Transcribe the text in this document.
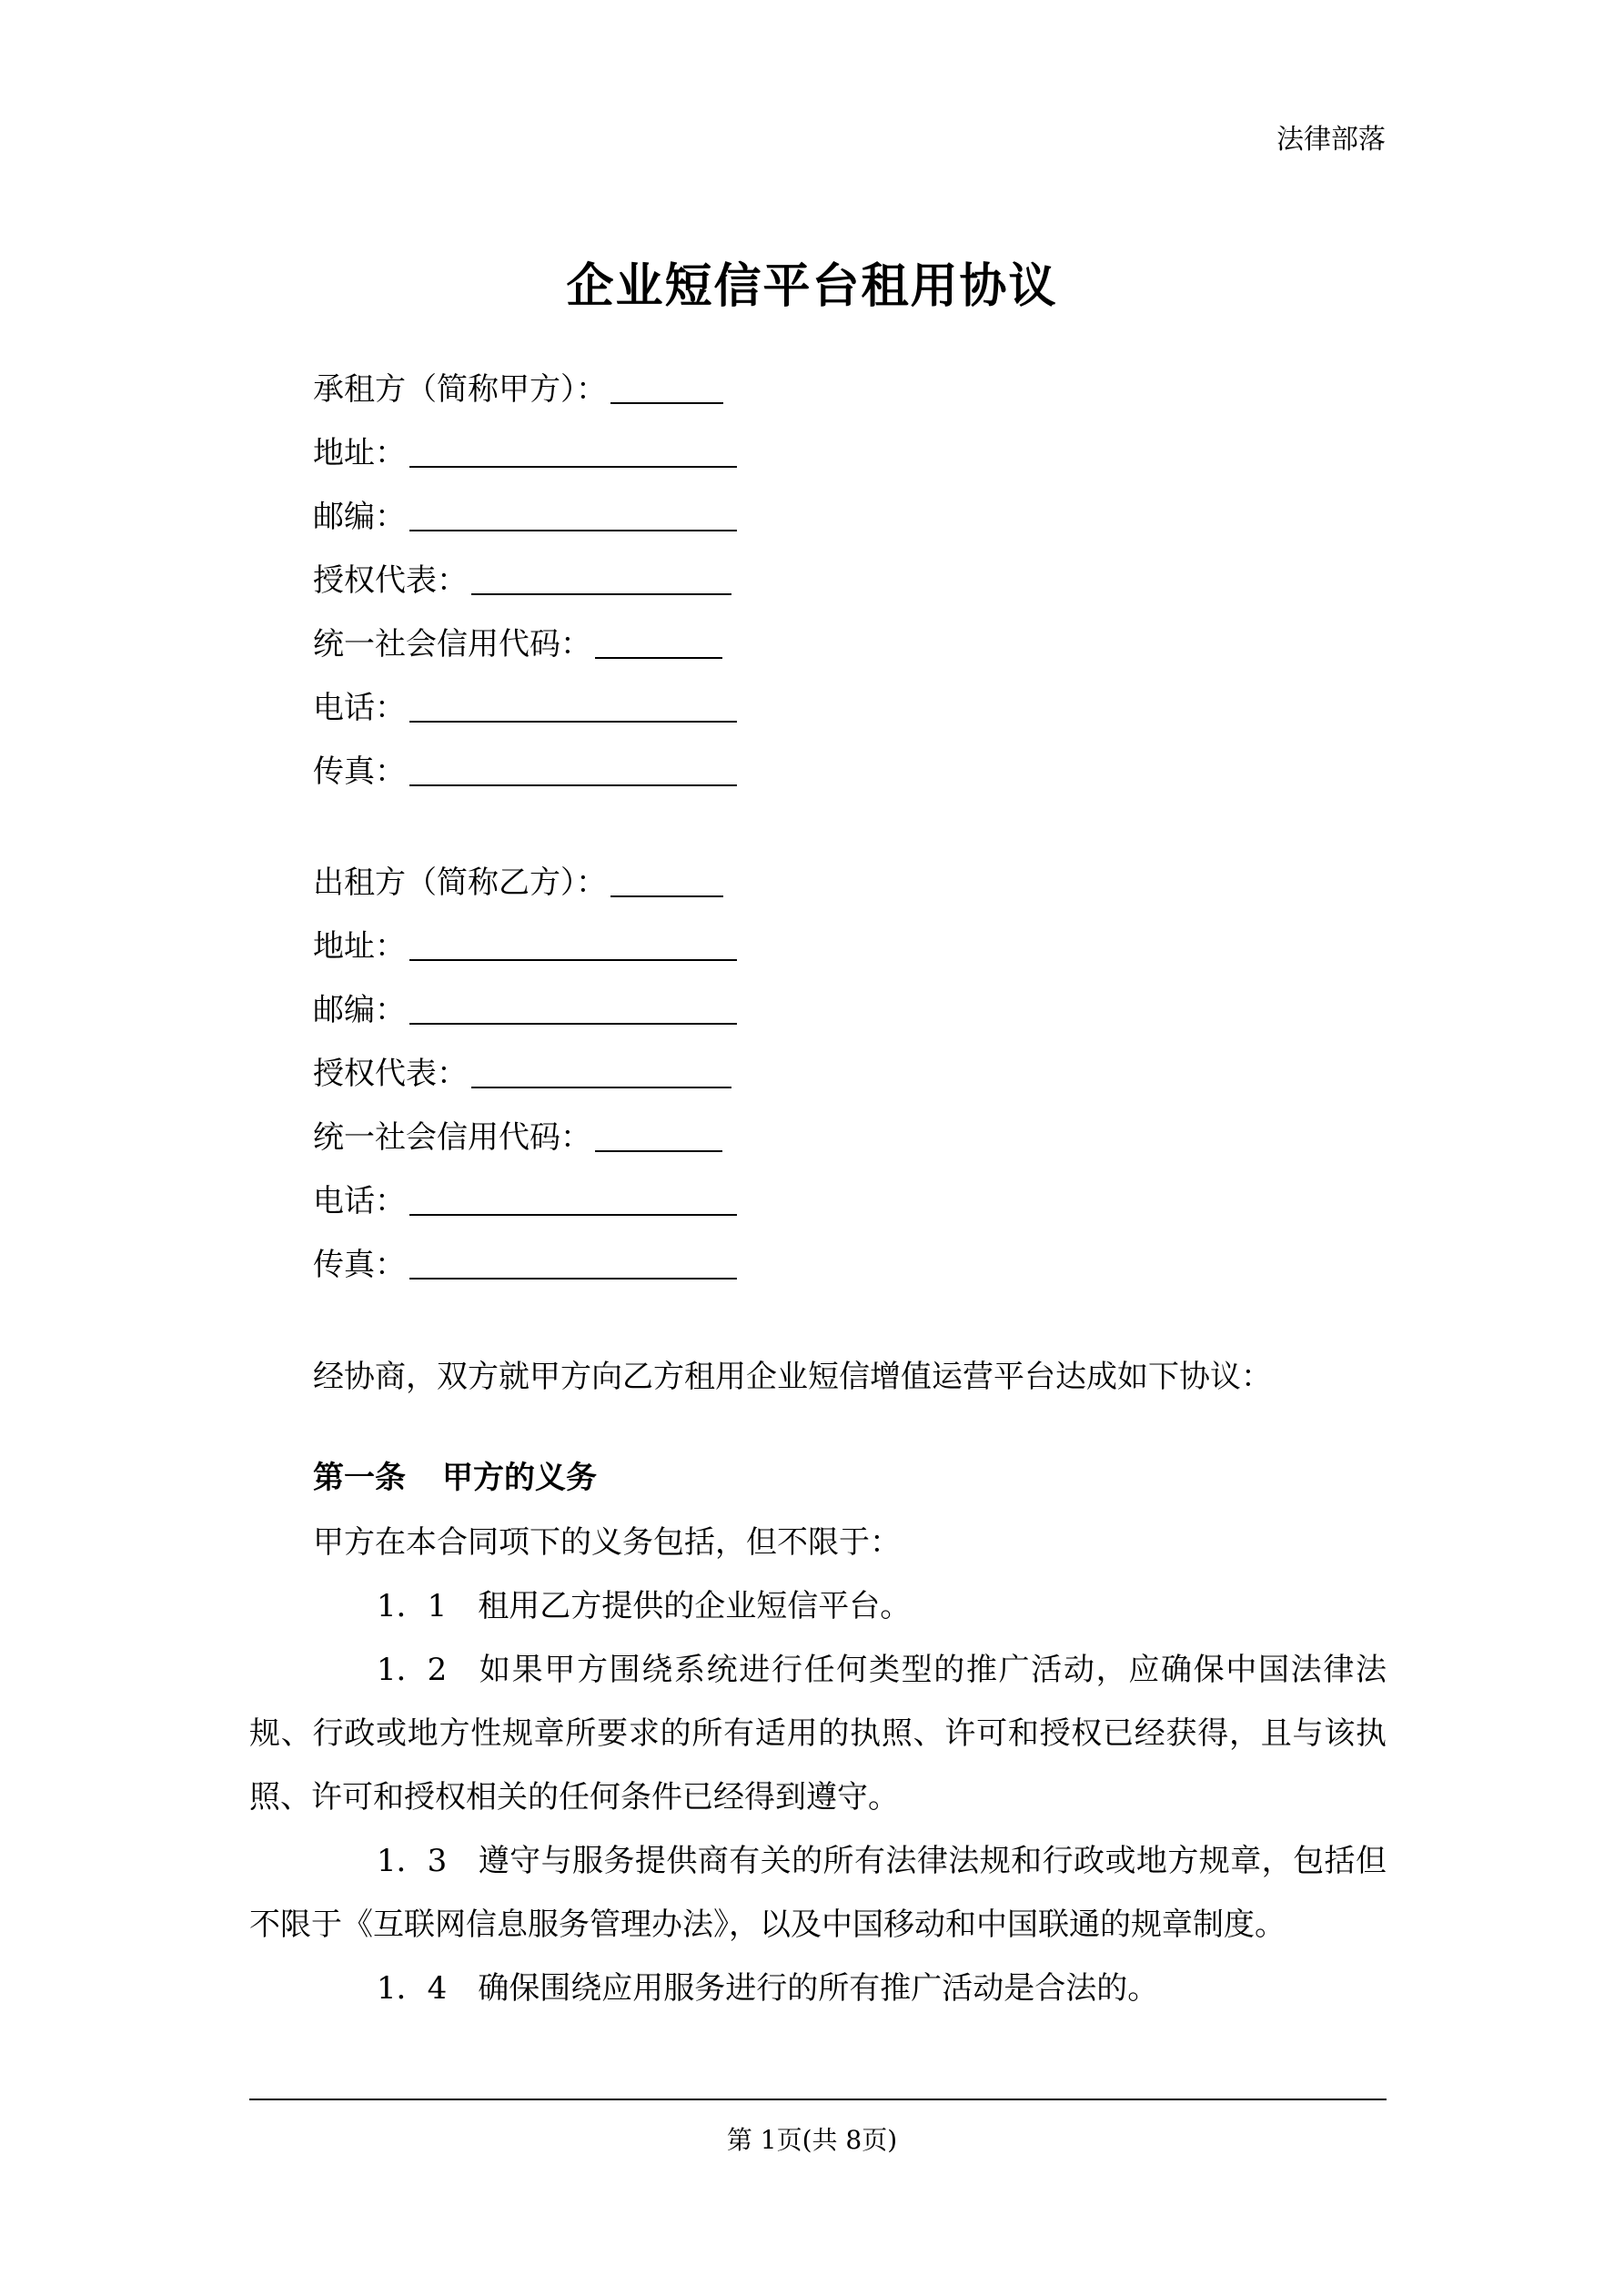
法律部落
企业短信平台租用协议
承租方（简称甲方）：
地址：
邮编：
授权代表：
统一社会信用代码：
电话：
传真：
出租方（简称乙方）：
地址：
邮编：
授权代表：
统一社会信用代码：
电话：
传真：
经协商，双方就甲方向乙方租用企业短信增值运营平台达成如下协议：
第一条 甲方的义务
甲方在本合同项下的义务包括，但不限于：
1．1 租用乙方提供的企业短信平台。
1．2 如果甲方围绕系统进行任何类型的推广活动，应确保中国法律法规、行政或地方性规章所要求的所有适用的执照、许可和授权已经获得，且与该执照、许可和授权相关的任何条件已经得到遵守。
1．3 遵守与服务提供商有关的所有法律法规和行政或地方规章，包括但不限于《互联网信息服务管理办法》，以及中国移动和中国联通的规章制度。
1．4 确保围绕应用服务进行的所有推广活动是合法的。
第 1页(共 8页)
